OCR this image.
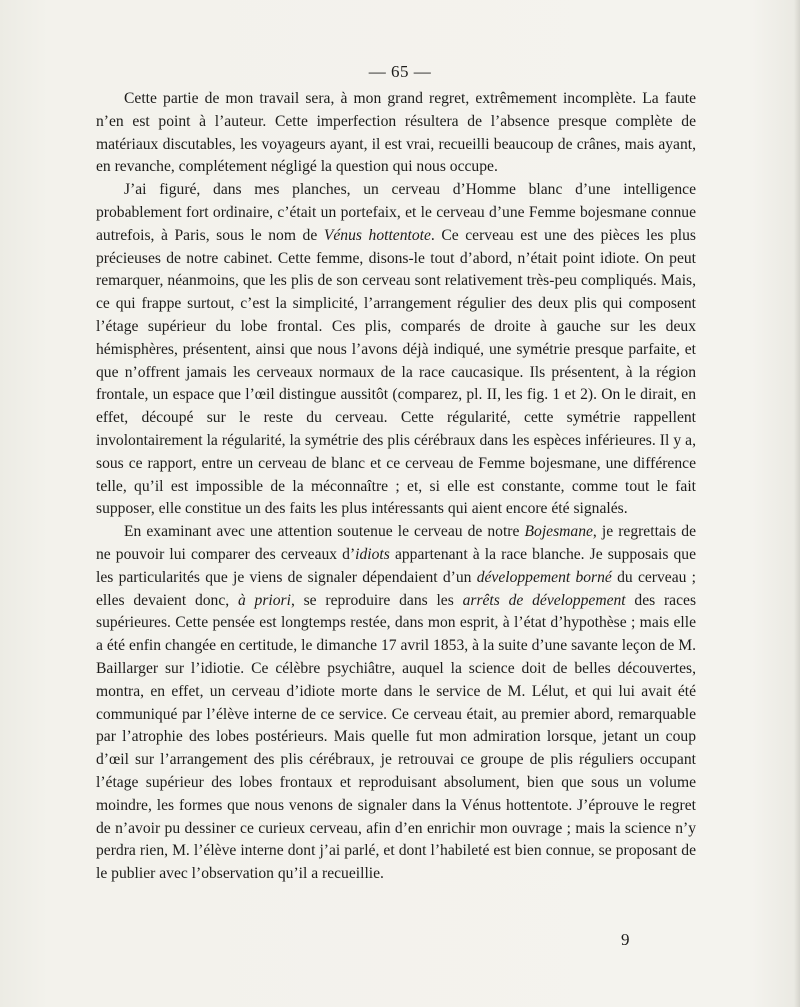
— 65 —

Cette partie de mon travail sera, à mon grand regret, extrêmement incomplète. La faute n’en est point à l’auteur. Cette imperfection résultera de l’absence presque complète de matériaux discutables, les voyageurs ayant, il est vrai, recueilli beaucoup de crânes, mais ayant, en revanche, complétement négligé la question qui nous occupe.

J’ai figuré, dans mes planches, un cerveau d’Homme blanc d’une intelligence probablement fort ordinaire, c’était un portefaix, et le cerveau d’une Femme bojesmane connue autrefois, à Paris, sous le nom de Vénus hottentote. Ce cerveau est une des pièces les plus précieuses de notre cabinet. Cette femme, disons-le tout d’abord, n’était point idiote. On peut remarquer, néanmoins, que les plis de son cerveau sont relativement très-peu compliqués. Mais, ce qui frappe surtout, c’est la simplicité, l’arrangement régulier des deux plis qui composent l’étage supérieur du lobe frontal. Ces plis, comparés de droite à gauche sur les deux hémisphères, présentent, ainsi que nous l’avons déjà indiqué, une symétrie presque parfaite, et que n’offrent jamais les cerveaux normaux de la race caucasique. Ils présentent, à la région frontale, un espace que l’œil distingue aussitôt (comparez, pl. II, les fig. 1 et 2). On le dirait, en effet, découpé sur le reste du cerveau. Cette régularité, cette symétrie rappellent involontairement la régularité, la symétrie des plis cérébraux dans les espèces inférieures. Il y a, sous ce rapport, entre un cerveau de blanc et ce cerveau de Femme bojesmane, une différence telle, qu’il est impossible de la méconnaître ; et, si elle est constante, comme tout le fait supposer, elle constitue un des faits les plus intéressants qui aient encore été signalés.

En examinant avec une attention soutenue le cerveau de notre Bojesmane, je regrettais de ne pouvoir lui comparer des cerveaux d’idiots appartenant à la race blanche. Je supposais que les particularités que je viens de signaler dépendaient d’un développement borné du cerveau ; elles devaient donc, à priori, se reproduire dans les arrêts de développement des races supérieures. Cette pensée est longtemps restée, dans mon esprit, à l’état d’hypothèse ; mais elle a été enfin changée en certitude, le dimanche 17 avril 1853, à la suite d’une savante leçon de M. Baillarger sur l’idiotie. Ce célèbre psychiâtre, auquel la science doit de belles découvertes, montra, en effet, un cerveau d’idiote morte dans le service de M. Lélut, et qui lui avait été communiqué par l’élève interne de ce service. Ce cerveau était, au premier abord, remarquable par l’atrophie des lobes postérieurs. Mais quelle fut mon admiration lorsque, jetant un coup d’œil sur l’arrangement des plis cérébraux, je retrouvai ce groupe de plis réguliers occupant l’étage supérieur des lobes frontaux et reproduisant absolument, bien que sous un volume moindre, les formes que nous venons de signaler dans la Vénus hottentote. J’éprouve le regret de n’avoir pu dessiner ce curieux cerveau, afin d’en enrichir mon ouvrage ; mais la science n’y perdra rien, M. l’élève interne dont j’ai parlé, et dont l’habileté est bien connue, se proposant de le publier avec l’observation qu’il a recueillie.

9
